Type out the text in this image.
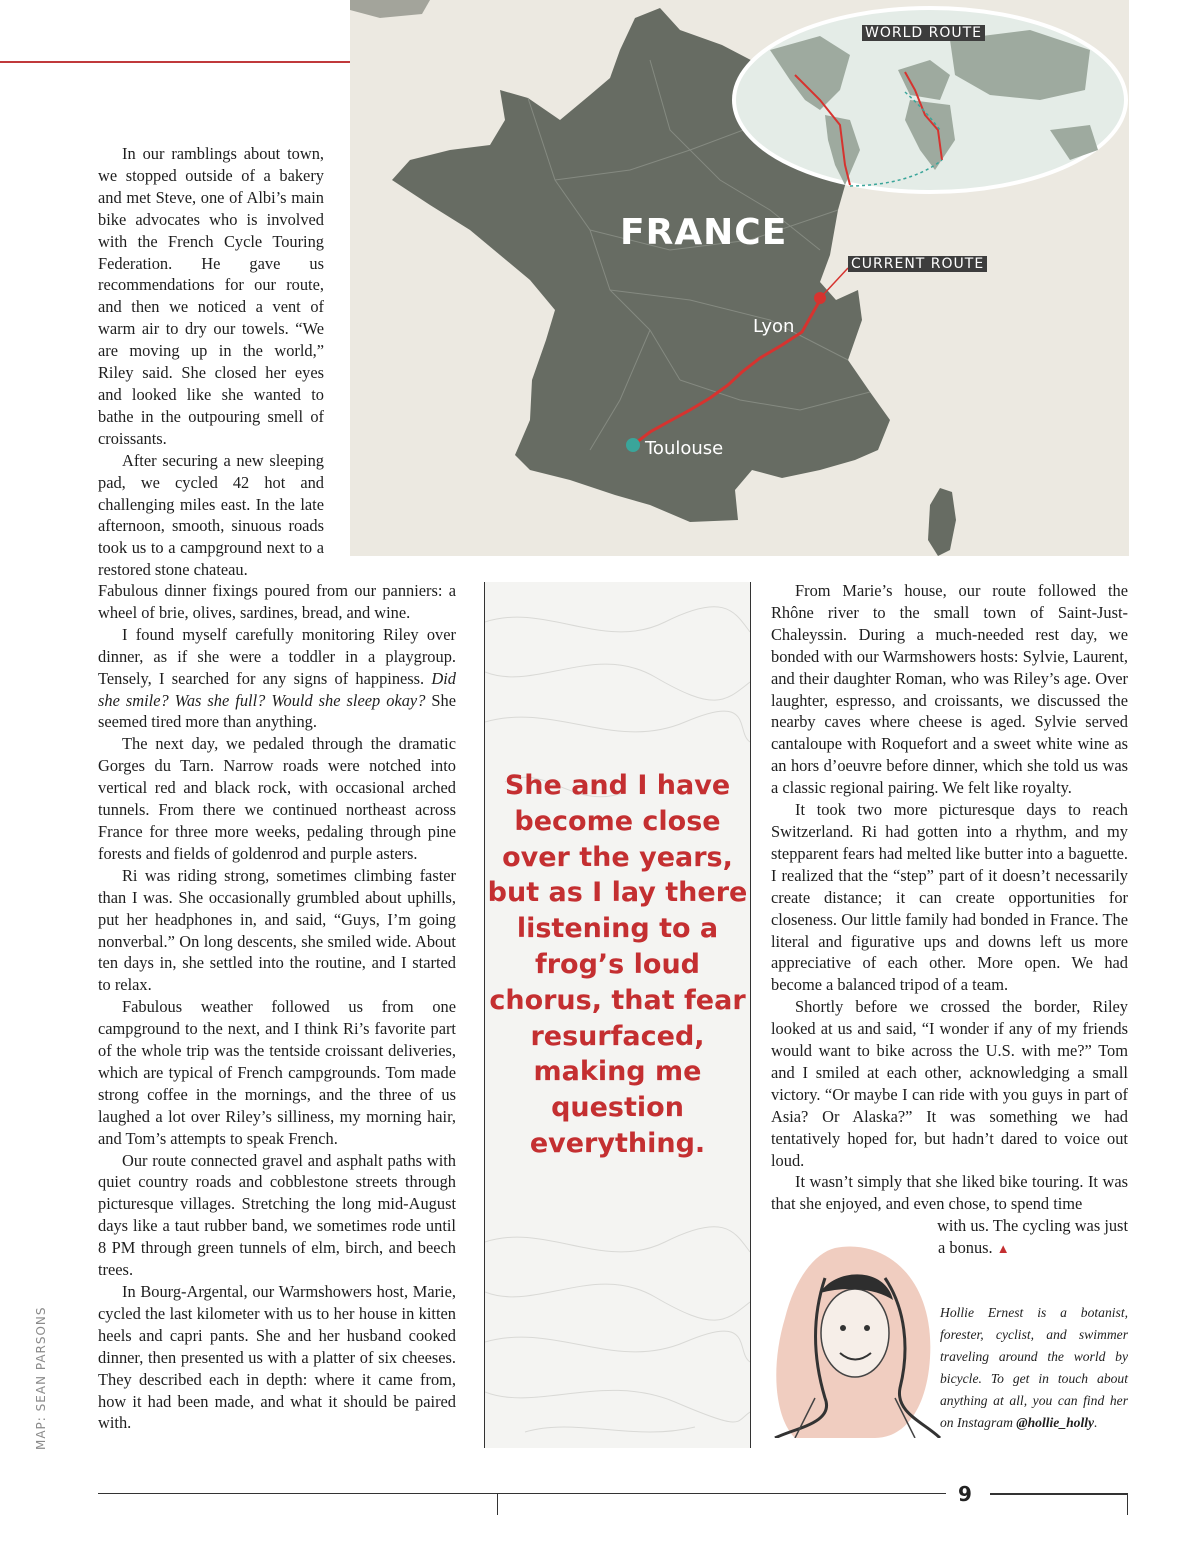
WORLD ROUTE
CURRENT ROUTE
FRANCE
Lyon
Toulouse

In our ramblings about town, we stopped outside of a bakery and met Steve, one of Albi’s main bike advocates who is involved with the French Cycle Touring Federation. He gave us recommendations for our route, and then we noticed a vent of warm air to dry our towels. “We are moving up in the world,” Riley said. She closed her eyes and looked like she wanted to bathe in the outpouring smell of croissants.

After securing a new sleeping pad, we cycled 42 hot and challenging miles east. In the late afternoon, smooth, sinuous roads took us to a campground next to a restored stone chateau.

Fabulous dinner fixings poured from our panniers: a wheel of brie, olives, sardines, bread, and wine.

I found myself carefully monitoring Riley over dinner, as if she were a toddler in a playgroup. Tensely, I searched for any signs of happiness. Did she smile? Was she full? Would she sleep okay? She seemed tired more than anything.

The next day, we pedaled through the dramatic Gorges du Tarn. Narrow roads were notched into vertical red and black rock, with occasional arched tunnels. From there we continued northeast across France for three more weeks, pedaling through pine forests and fields of goldenrod and purple asters.

Ri was riding strong, sometimes climbing faster than I was. She occasionally grumbled about uphills, put her headphones in, and said, “Guys, I’m going nonverbal.” On long descents, she smiled wide. About ten days in, she settled into the routine, and I started to relax.

Fabulous weather followed us from one campground to the next, and I think Ri’s favorite part of the whole trip was the tentside croissant deliveries, which are typical of French campgrounds. Tom made strong coffee in the mornings, and the three of us laughed a lot over Riley’s silliness, my morning hair, and Tom’s attempts to speak French.

Our route connected gravel and asphalt paths with quiet country roads and cobblestone streets through picturesque villages. Stretching the long mid-August days like a taut rubber band, we sometimes rode until 8 PM through green tunnels of elm, birch, and beech trees.

In Bourg-Argental, our Warmshowers host, Marie, cycled the last kilometer with us to her house in kitten heels and capri pants. She and her husband cooked dinner, then presented us with a platter of six cheeses. They described each in depth: where it came from, how it had been made, and what it should be paired with.

She and I have become close over the years, but as I lay there listening to a frog’s loud chorus, that fear resurfaced, making me question everything.

From Marie’s house, our route followed the Rhône river to the small town of Saint-Just-Chaleyssin. During a much-needed rest day, we bonded with our Warmshowers hosts: Sylvie, Laurent, and their daughter Roman, who was Riley’s age. Over laughter, espresso, and croissants, we discussed the nearby caves where cheese is aged. Sylvie served cantaloupe with Roquefort and a sweet white wine as an hors d’oeuvre before dinner, which she told us was a classic regional pairing. We felt like royalty.

It took two more picturesque days to reach Switzerland. Ri had gotten into a rhythm, and my stepparent fears had melted like butter into a baguette. I realized that the “step” part of it doesn’t necessarily create distance; it can create opportunities for closeness. Our little family had bonded in France. The literal and figurative ups and downs left us more appreciative of each other. More open. We had become a balanced tripod of a team.

Shortly before we crossed the border, Riley looked at us and said, “I wonder if any of my friends would want to bike across the U.S. with me?” Tom and I smiled at each other, acknowledging a small victory. “Or maybe I can ride with you guys in part of Asia? Or Alaska?” It was something we had tentatively hoped for, but hadn’t dared to voice out loud.

It wasn’t simply that she liked bike touring. It was that she enjoyed, and even chose, to spend time

with us. The cycling was just

a bonus. ▲

Hollie Ernest is a botanist, forester, cyclist, and swimmer traveling around the world by bicycle. To get in touch about anything at all, you can find her on Instagram @hollie_holly.
MAP: SEAN PARSONS
9
